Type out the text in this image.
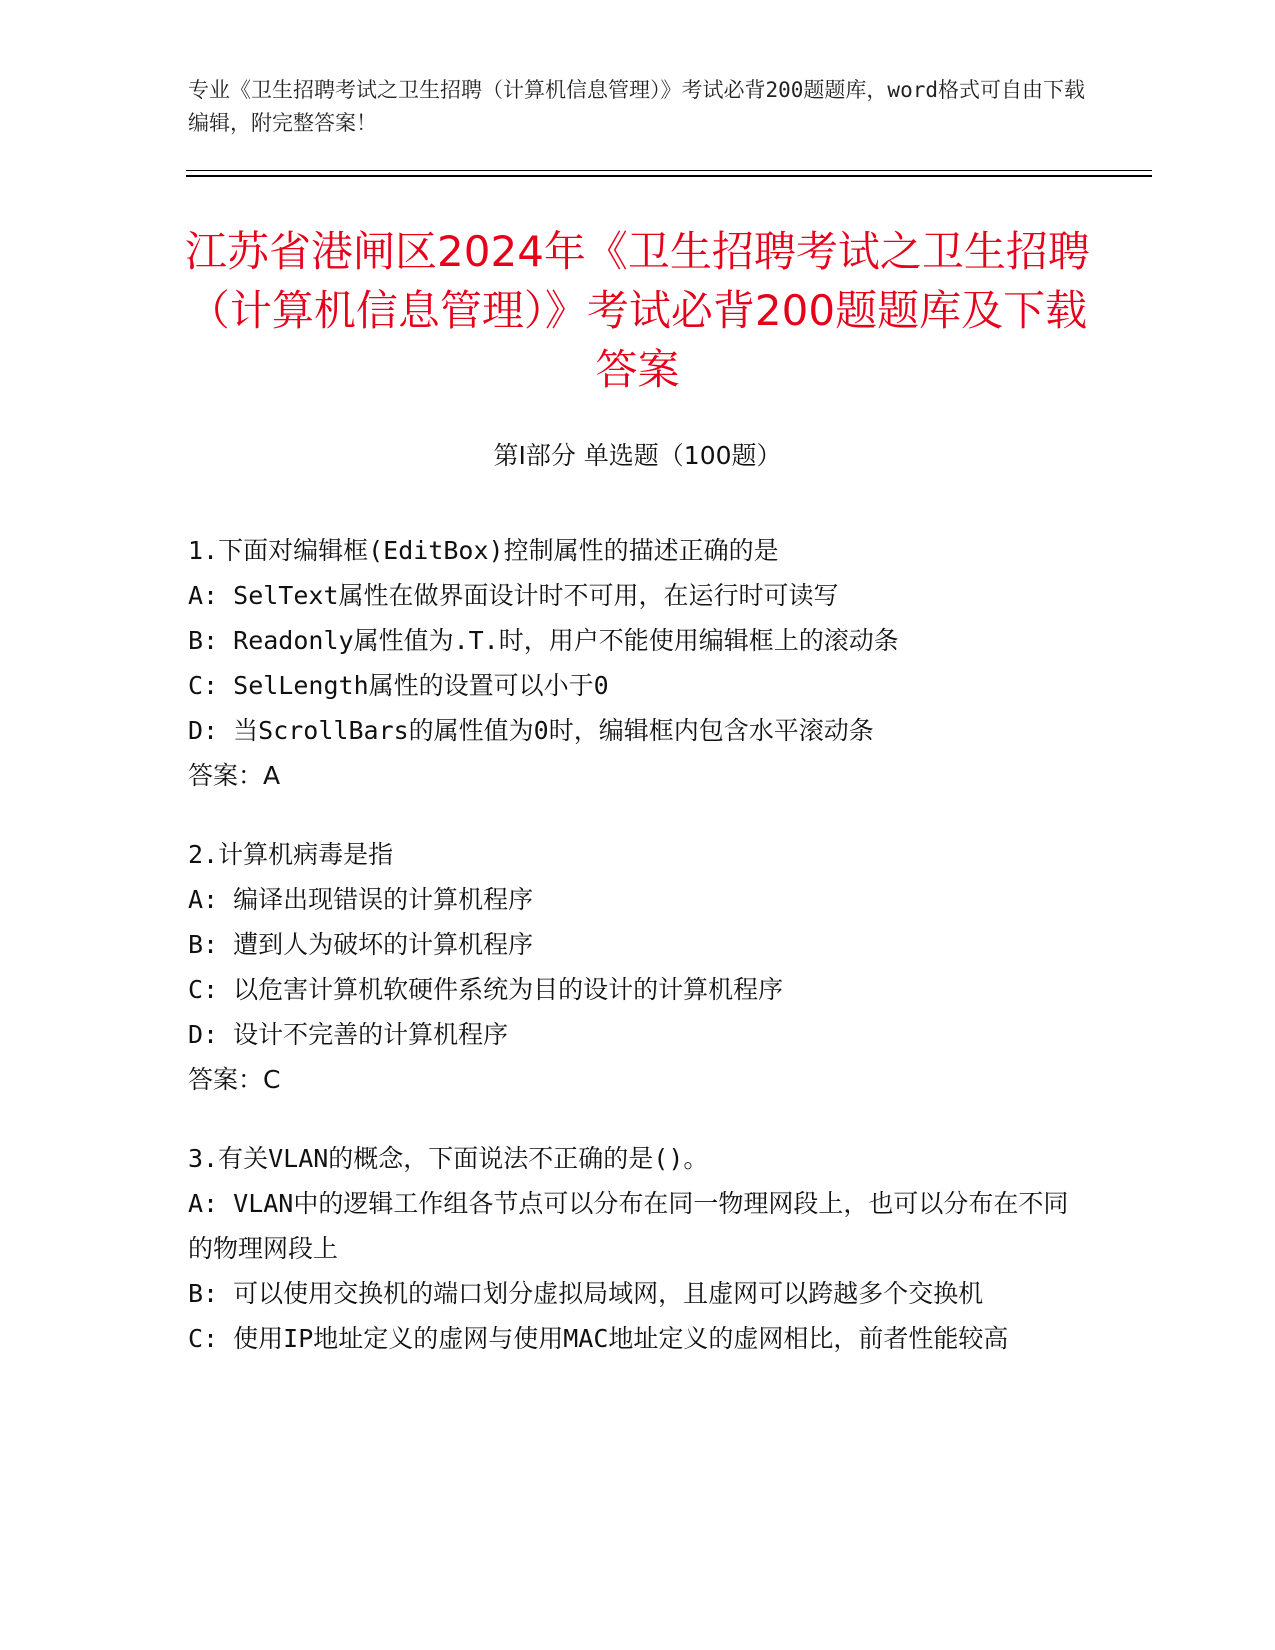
专业《卫生招聘考试之卫生招聘（计算机信息管理）》考试必背200题题库，word格式可自由下载编辑，附完整答案！
江苏省港闸区2024年《卫生招聘考试之卫生招聘（计算机信息管理）》考试必背200题题库及下载答案
第Ⅰ部分 单选题（100题）

1.下面对编辑框(EditBox)控制属性的描述正确的是

A: SelText属性在做界面设计时不可用，在运行时可读写

B: Readonly属性值为.T.时，用户不能使用编辑框上的滚动条

C: SelLength属性的设置可以小于0

D: 当ScrollBars的属性值为0时，编辑框内包含水平滚动条

答案：A

2.计算机病毒是指

A: 编译出现错误的计算机程序

B: 遭到人为破坏的计算机程序

C: 以危害计算机软硬件系统为目的设计的计算机程序

D: 设计不完善的计算机程序

答案：C

3.有关VLAN的概念，下面说法不正确的是()。

A: VLAN中的逻辑工作组各节点可以分布在同一物理网段上，也可以分布在不同的物理网段上

B: 可以使用交换机的端口划分虚拟局域网，且虚网可以跨越多个交换机

C: 使用IP地址定义的虚网与使用MAC地址定义的虚网相比，前者性能较高
